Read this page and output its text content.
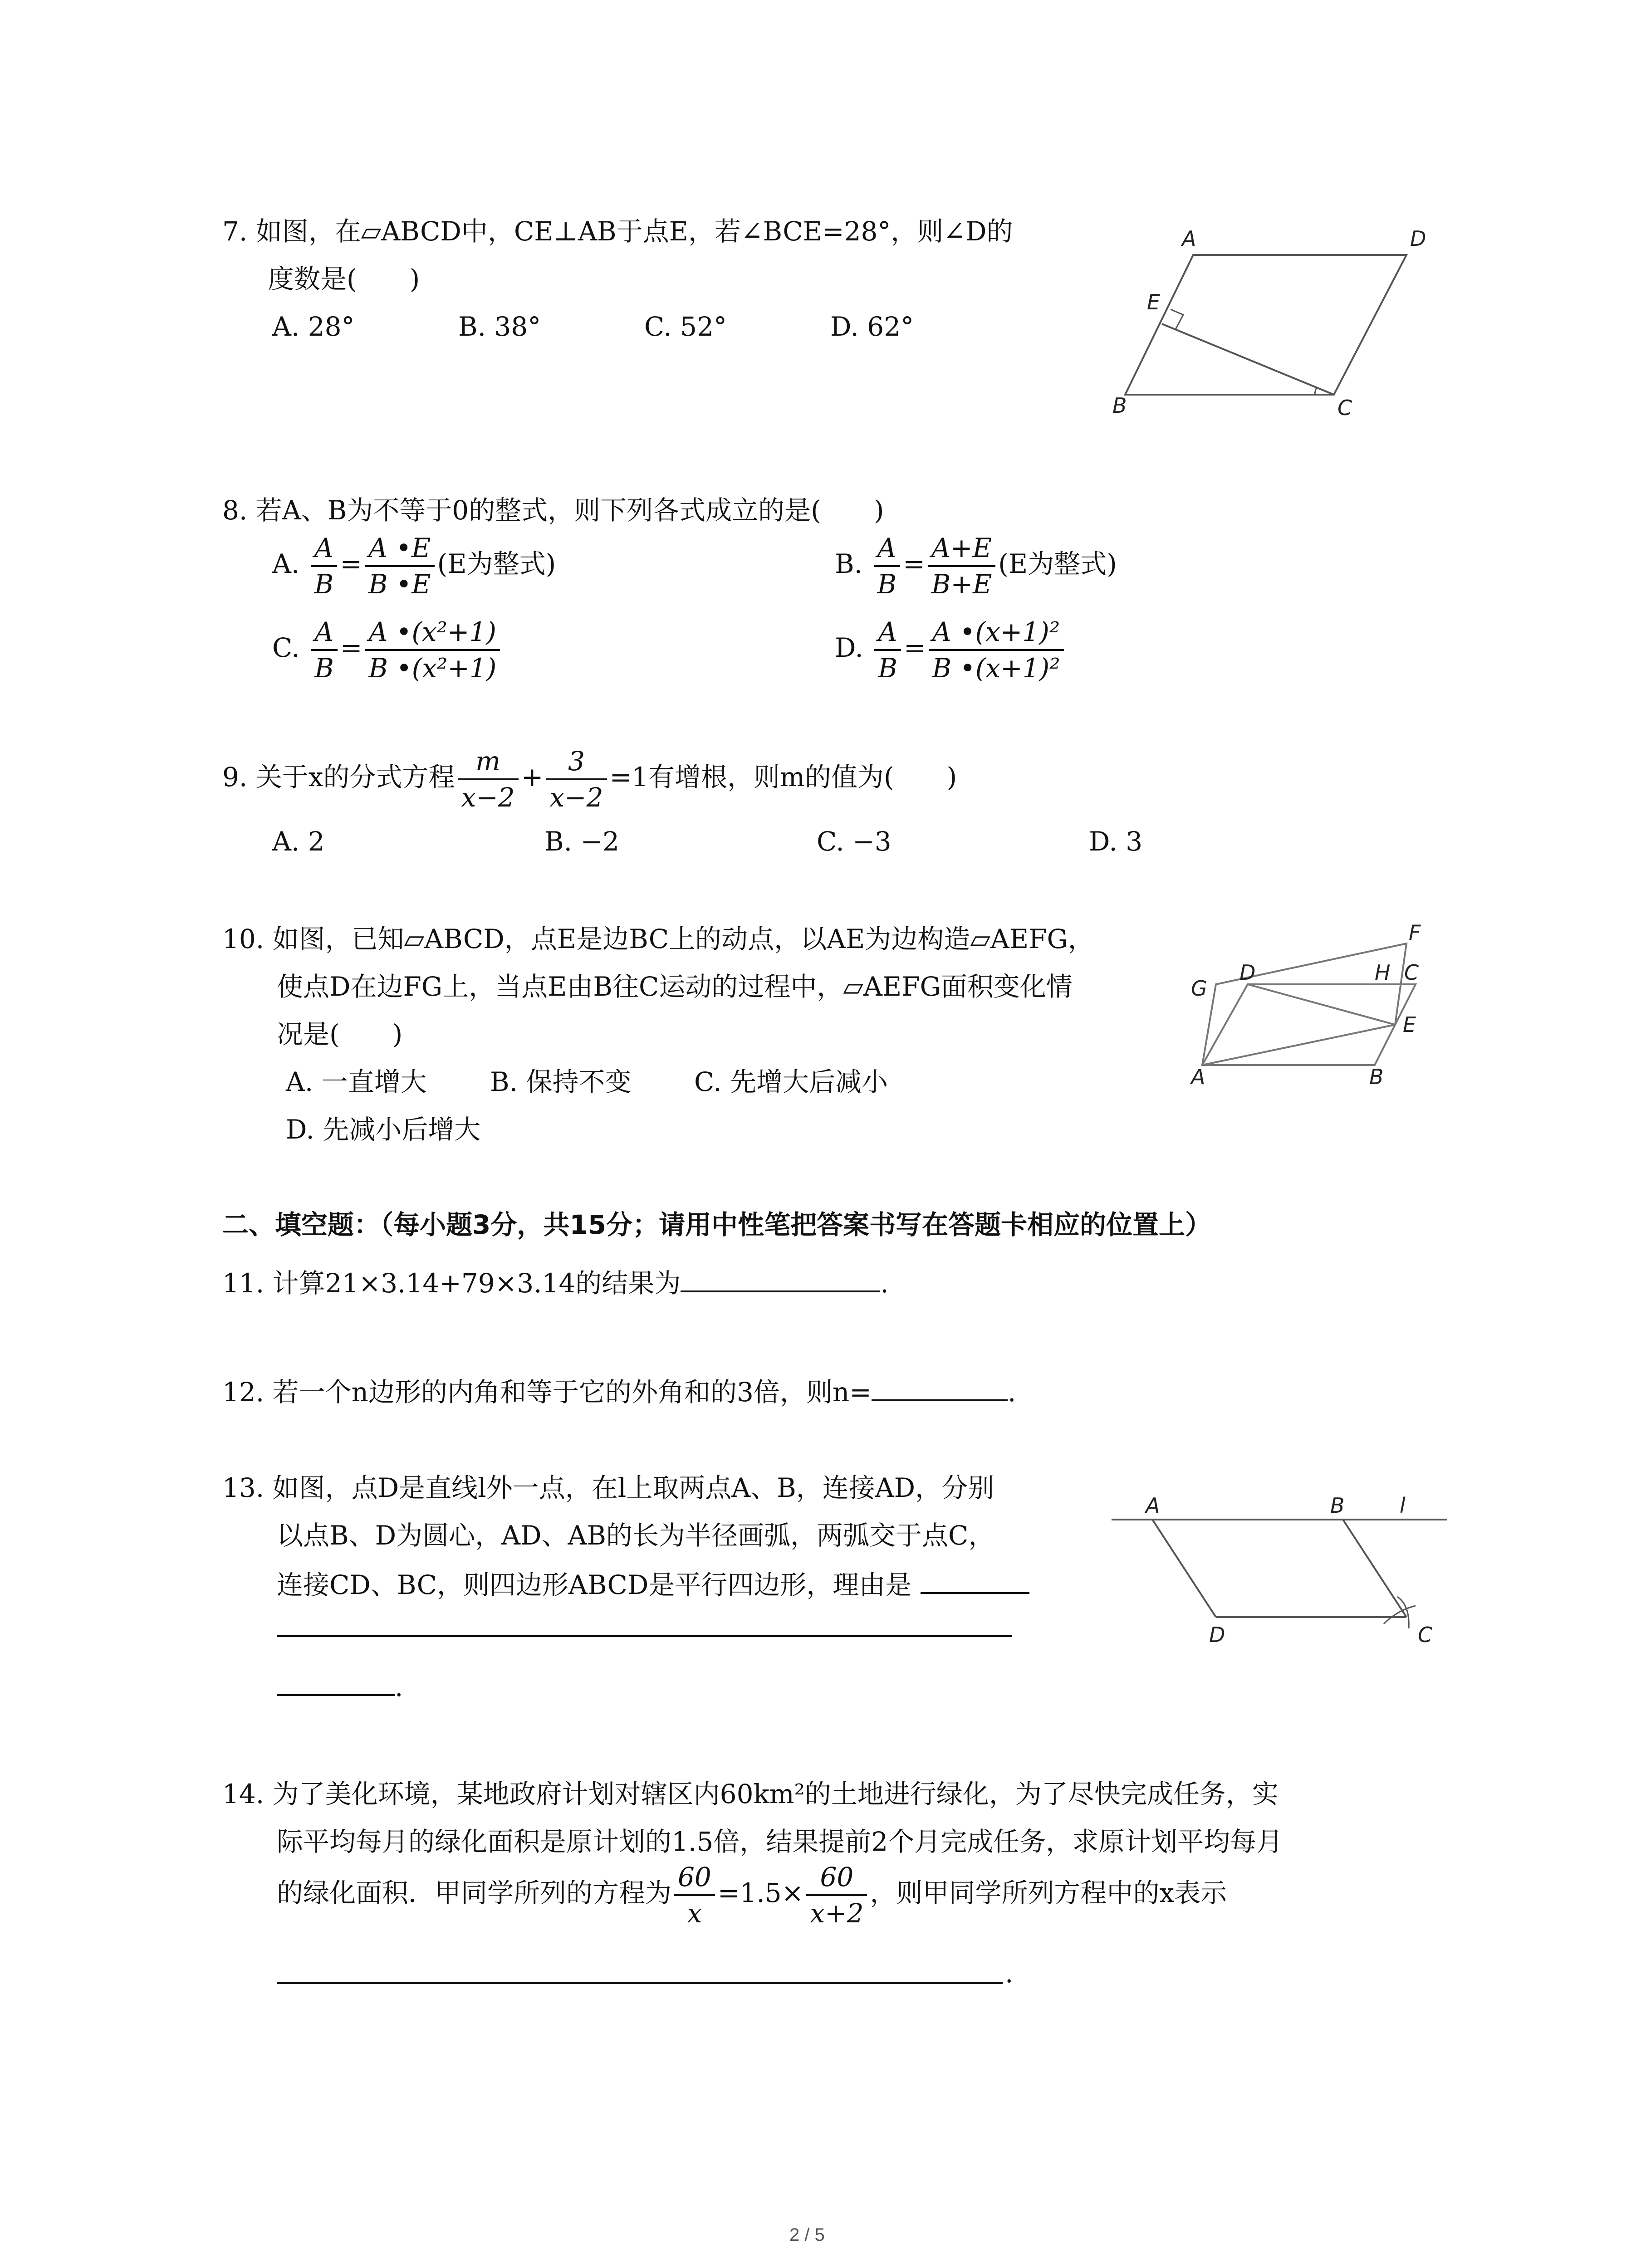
7. 如图，在▱ABCD中，CE⊥AB于点E，若∠BCE=28°，则∠D的
度数是(　　)
A. 28°	B. 38°	C. 52°	D. 62°
A	D
E
B	C
8. 若A、B为不等于0的整式，则下列各式成立的是(　　)
A. $\frac{A}{B} = \frac{A •E}{B •E} (E$为整式)	B. $\frac{A}{B} = \frac{A+E}{B+E} (E$为整式)
C. $\frac{A}{B} = \frac{\text{A •(x²+1)}}{\text{B •(x²+1)}}$	D. $\frac{A}{B} = \frac{\text{A •(x+1)²}}{\text{B •(x+1)²}}$
9. 关于x的分式方程 $\frac{m}{x-2} + \frac{3}{x-2} =1$有增根，则m的值为(　　)
A. 2	B. −2	C. −3	D. 3
10. 如图，已知▱ABCD，点E是边BC上的动点，以AE为边构造▱AEFG，
使点D在边FG上，当点E由B往C运动的过程中，▱AEFG面积变化情
况是(　　)
A. 一直增大 B. 保持不变 C. 先增大后减小
D. 先减小后增大
F
D	H C
G
E
A	B
二、填空题：（每小题3分，共15分；请用中性笔把答案书写在答题卡相应的位置上）
11. 计算21×3.14+79×3.14的结果为	.
12. 若一个n边形的内角和等于它的外角和的3倍，则n=	.
13. 如图，点D是直线l外一点，在l上取两点A、B，连接AD，分别
以点B、D为圆心，AD、AB的长为半径画弧，两弧交于点C，
连接CD、BC，则四边形ABCD是平行四边形，理由是
.
A	B	l
D	C
14. 为了美化环境，某地政府计划对辖区内60km²的土地进行绿化，为了尽快完成任务，实
际平均每月的绿化面积是原计划的1.5倍，结果提前2个月完成任务，求原计划平均每月
的绿化面积．甲同学所列的方程为 $\frac{60}{x} =1.5\times \frac{60}{x+2}$ ，则甲同学所列方程中的x表示
.
2 / 5
